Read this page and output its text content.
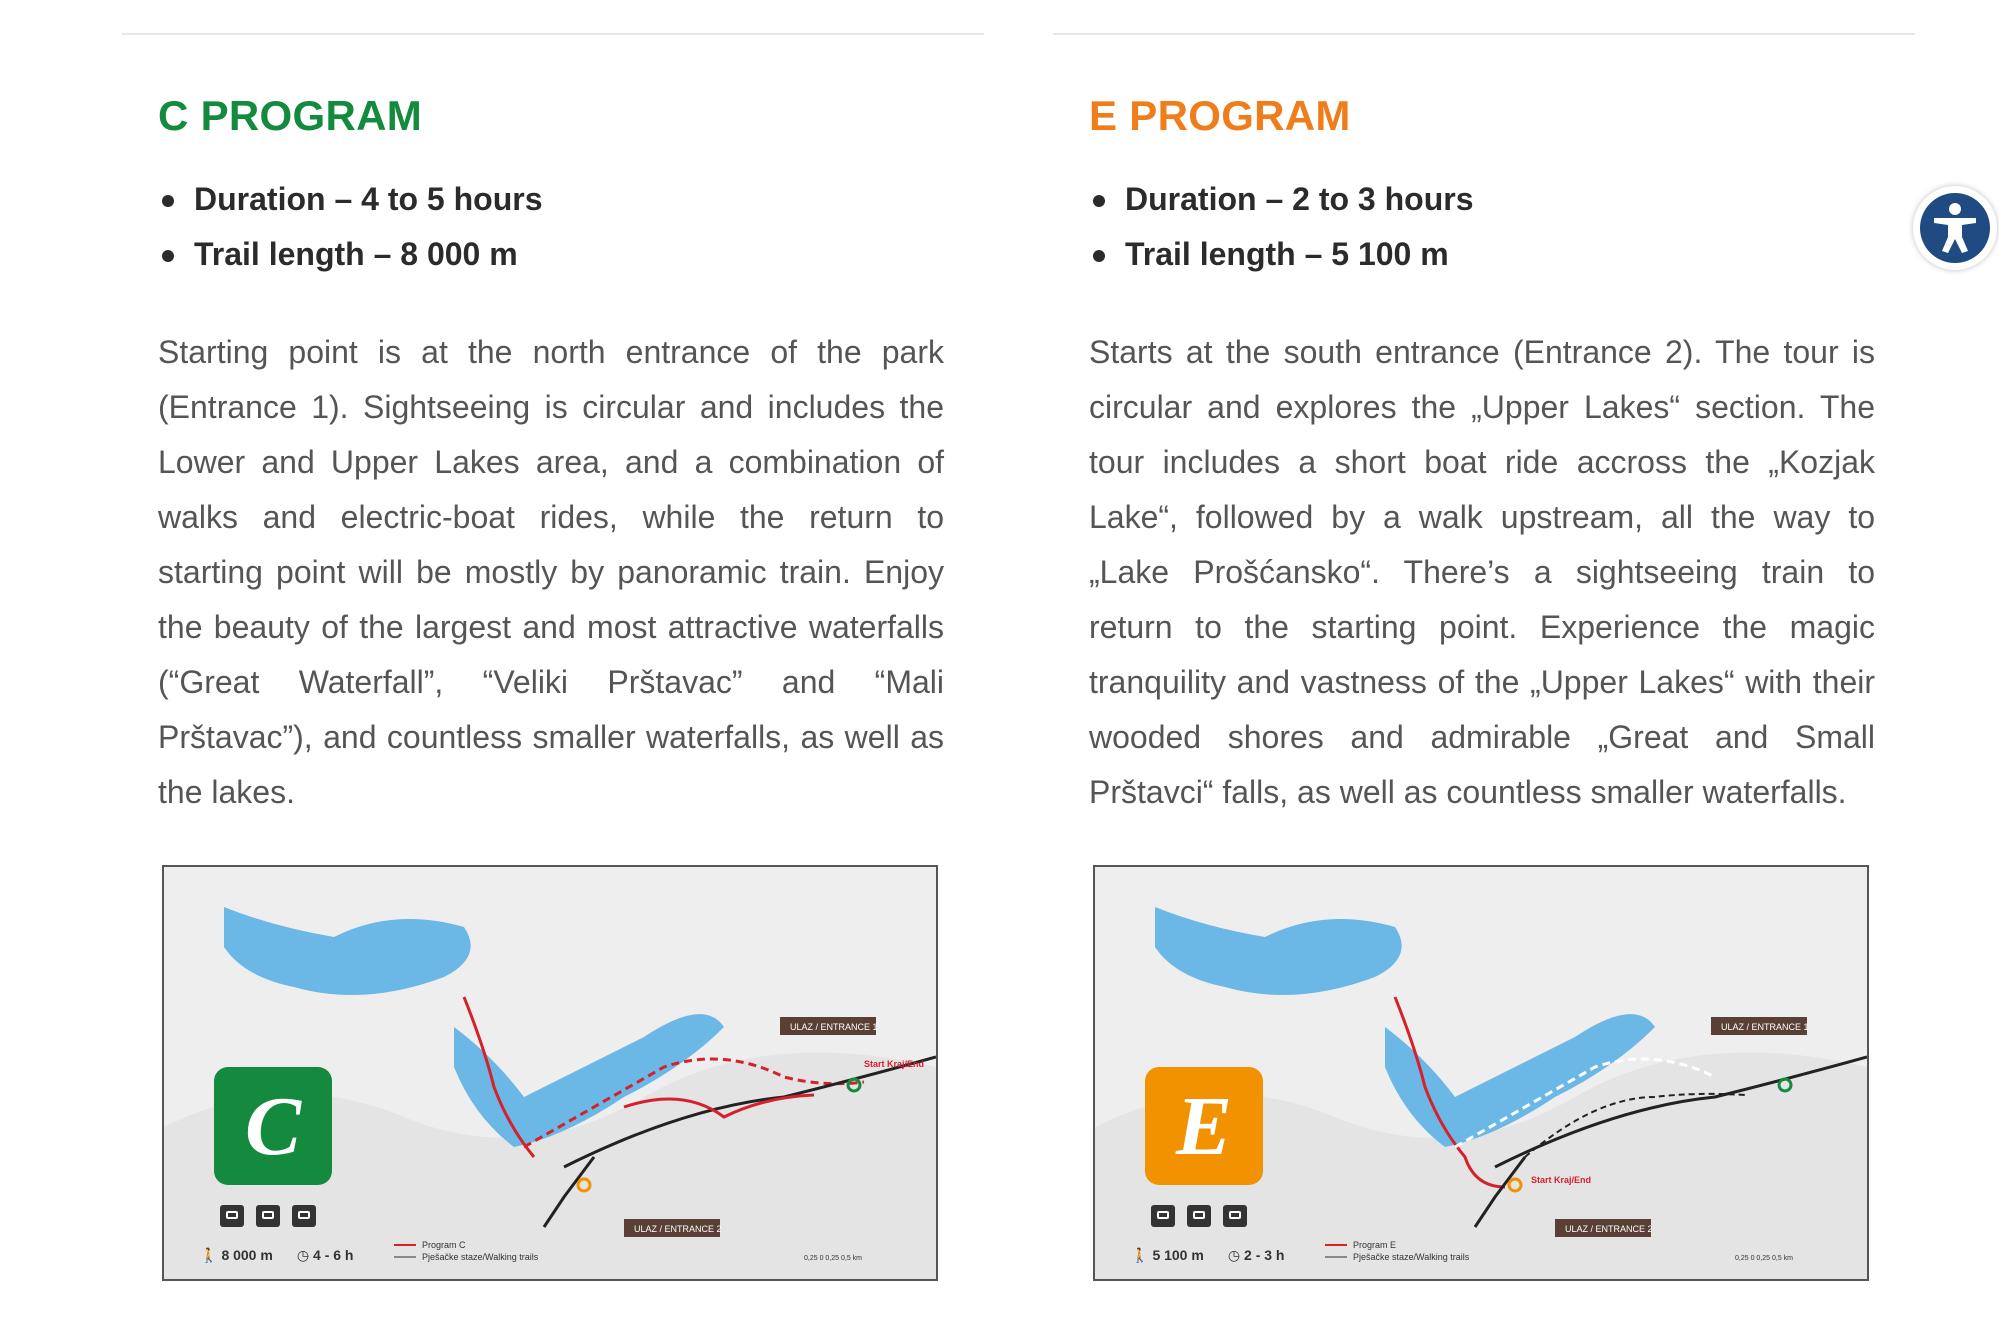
C PROGRAM
Duration – 4 to 5 hours
Trail length – 8 000 m

Starting point is at the north entrance of the park (Entrance 1). Sightseeing is circular and includes the Lower and Upper Lakes area, and a combination of walks and electric-boat rides, while the return to starting point will be mostly by panoramic train. Enjoy the beauty of the largest and most attractive waterfalls (“Great Waterfall”, “Veliki Prštavac” and “Mali Prštavac”), and countless smaller waterfalls, as well as the lakes.

ULAZ / ENTRANCE 1
ULAZ / ENTRANCE 2
Start Kraj/End
Program C
Pješačke staze/Walking trails	0,25 0 0,25 0,5 km
C
🚶 8 000 m ◷ 4 - 6 h
E PROGRAM
Duration – 2 to 3 hours
Trail length – 5 100 m

Starts at the south entrance (Entrance 2). The tour is circular and explores the „Upper Lakes“ section. The tour includes a short boat ride accross the „Kozjak Lake“, followed by a walk upstream, all the way to „Lake Prošćansko“. There’s a sightseeing train to return to the starting point. Experience the magic tranquility and vastness of the „Upper Lakes“ with their wooded shores and admirable „Great and Small Prštavci“ falls, as well as countless smaller waterfalls.

ULAZ / ENTRANCE 1
ULAZ / ENTRANCE 2
Start Kraj/End
Program E
Pješačke staze/Walking trails	0,25 0 0,25 0,5 km
E
🚶 5 100 m ◷ 2 - 3 h
